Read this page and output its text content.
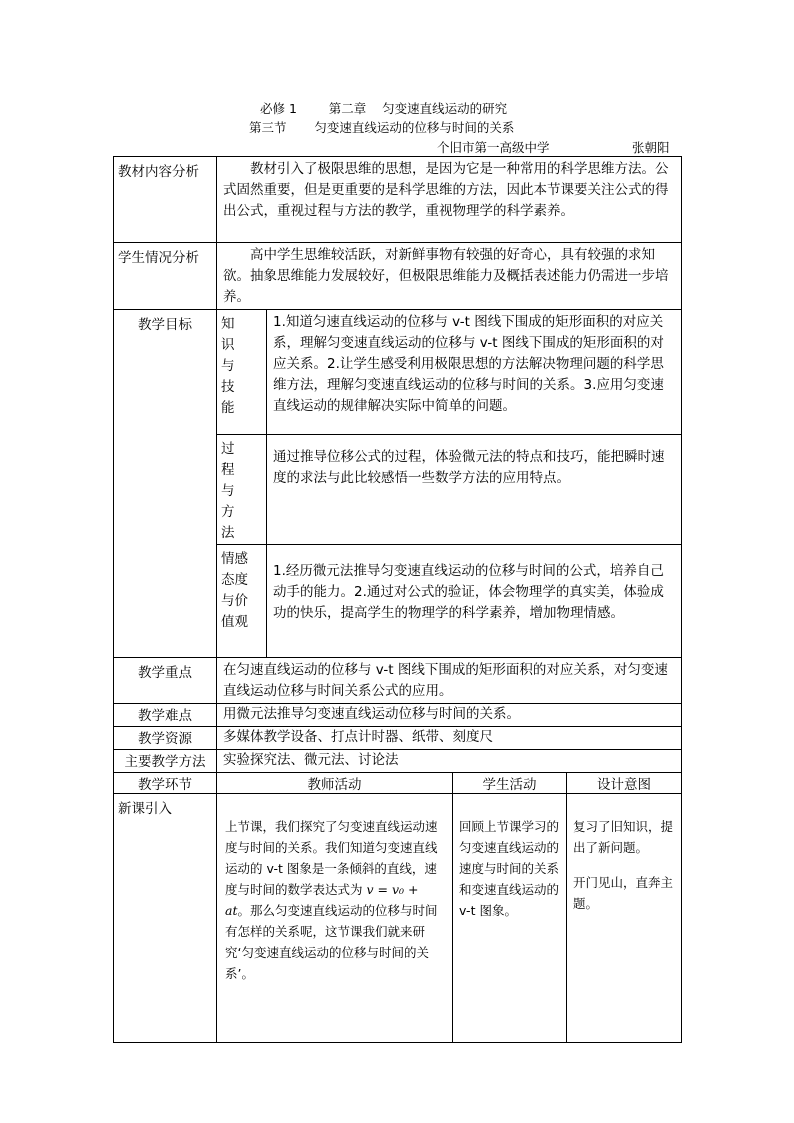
必修 1        第二章    匀变速直线运动的研究
第三节       匀变速直线运动的位移与时间的关系
个旧市第一高级中学	张朝阳
教材内容分析	教材引入了极限思维的思想，是因为它是一种常用的科学思维方法。公式固然重要，但是更重要的是科学思维的方法，因此本节课要关注公式的得出公式，重视过程与方法的教学，重视物理学的科学素养。			
学生情况分析	高中学生思维较活跃，对新鲜事物有较强的好奇心，具有较强的求知欲。抽象思维能力发展较好，但极限思维能力及概括表述能力仍需进一步培养。			
教学目标	知识与技能	1.知道匀速直线运动的位移与 v-t 图线下围成的矩形面积的对应关系，理解匀变速直线运动的位移与 v-t 图线下围成的矩形面积的对应关系。2.让学生感受利用极限思想的方法解决物理问题的科学思维方法，理解匀变速直线运动的位移与时间的关系。3.应用匀变速直线运动的规律解决实际中简单的问题。		

	过程与方法	通过推导位移公式的过程，体验微元法的特点和技巧，能把瞬时速度的求法与此比较感悟一些数学方法的应用特点。		

	情感态度与价值观	1.经历微元法推导匀变速直线运动的位移与时间的公式，培养自己动手的能力。2.通过对公式的验证，体会物理学的真实美，体验成功的快乐，提高学生的物理学的科学素养，增加物理情感。		
教学重点	在匀速直线运动的位移与 v-t 图线下围成的矩形面积的对应关系，对匀变速直线运动位移与时间关系公式的应用。			
教学难点	用微元法推导匀变速直线运动位移与时间的关系。			
教学资源	多媒体教学设备、打点计时器、纸带、刻度尺			
主要教学方法	实验探究法、微元法、讨论法			
教学环节	教师活动		学生活动	设计意图
新课引入	上节课，我们探究了匀变速直线运动速度与时间的关系。我们知道匀变速直线运动的 v-t 图象是一条倾斜的直线，速度与时间的数学表达式为 v = v₀ + at。那么匀变速直线运动的位移与时间有怎样的关系呢，这节课我们就来研究‘匀变速直线运动的位移与时间的关系’。		回顾上节课学习的匀变速直线运动的速度与时间的关系和变速直线运动的 v-t 图象。	复习了旧知识，提出了新问题。
开门见山，直奔主题。
